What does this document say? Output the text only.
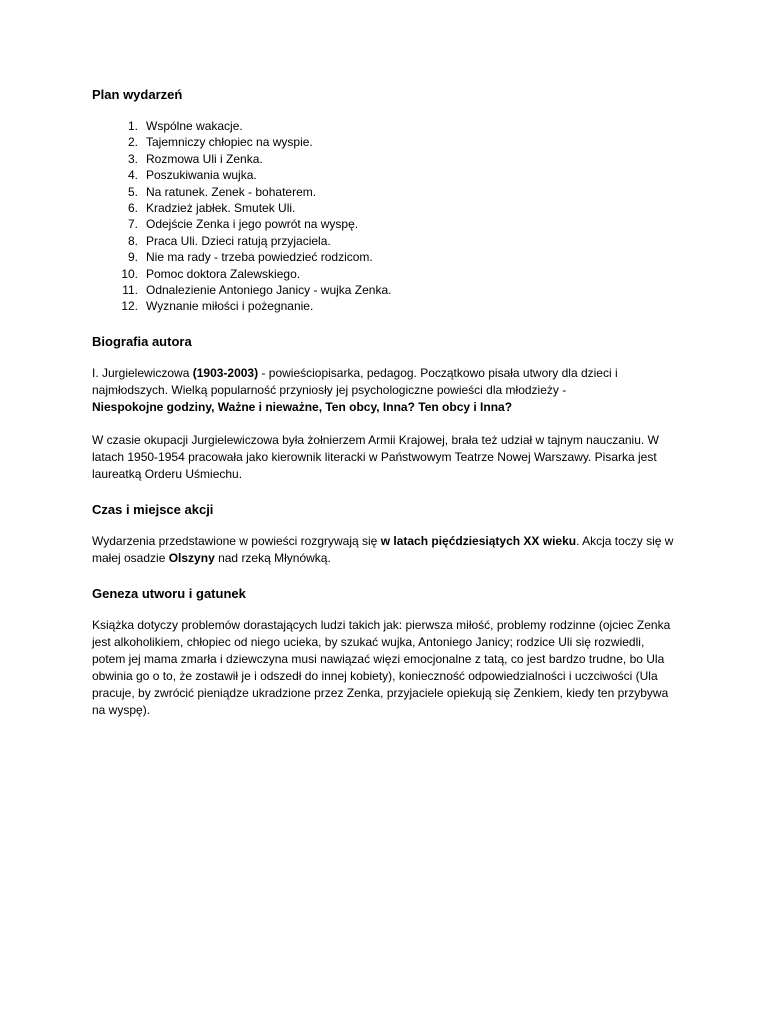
Plan wydarzeń
1. Wspólne wakacje.
2. Tajemniczy chłopiec na wyspie.
3. Rozmowa Uli i Zenka.
4. Poszukiwania wujka.
5. Na ratunek. Zenek - bohaterem.
6. Kradzież jabłek. Smutek Uli.
7. Odejście Zenka i jego powrót na wyspę.
8. Praca Uli. Dzieci ratują przyjaciela.
9. Nie ma rady - trzeba powiedzieć rodzicom.
10. Pomoc doktora Zalewskiego.
11. Odnalezienie Antoniego Janicy - wujka Zenka.
12. Wyznanie miłości i pożegnanie.
Biografia autora

I. Jurgielewiczowa (1903-2003) - powieściopisarka, pedagog. Początkowo pisała utwory dla dzieci i najmłodszych. Wielką popularność przyniosły jej psychologiczne powieści dla młodzieży -
Niespokojne godziny, Ważne i nieważne, Ten obcy, Inna? Ten obcy i Inna?

W czasie okupacji Jurgielewiczowa była żołnierzem Armii Krajowej, brała też udział w tajnym nauczaniu. W latach 1950-1954 pracowała jako kierownik literacki w Państwowym Teatrze Nowej Warszawy. Pisarka jest laureatką Orderu Uśmiechu.

Czas i miejsce akcji

Wydarzenia przedstawione w powieści rozgrywają się w latach pięćdziesiątych XX wieku. Akcja toczy się w małej osadzie Olszyny nad rzeką Młynówką.

Geneza utworu i gatunek

Książka dotyczy problemów dorastających ludzi takich jak: pierwsza miłość, problemy rodzinne (ojciec Zenka jest alkoholikiem, chłopiec od niego ucieka, by szukać wujka, Antoniego Janicy; rodzice Uli się rozwiedli, potem jej mama zmarła i dziewczyna musi nawiązać więzi emocjonalne z tatą, co jest bardzo trudne, bo Ula obwinia go o to, że zostawił je i odszedł do innej kobiety), konieczność odpowiedzialności i uczciwości (Ula pracuje, by zwrócić pieniądze ukradzione przez Zenka, przyjaciele opiekują się Zenkiem, kiedy ten przybywa na wyspę).
